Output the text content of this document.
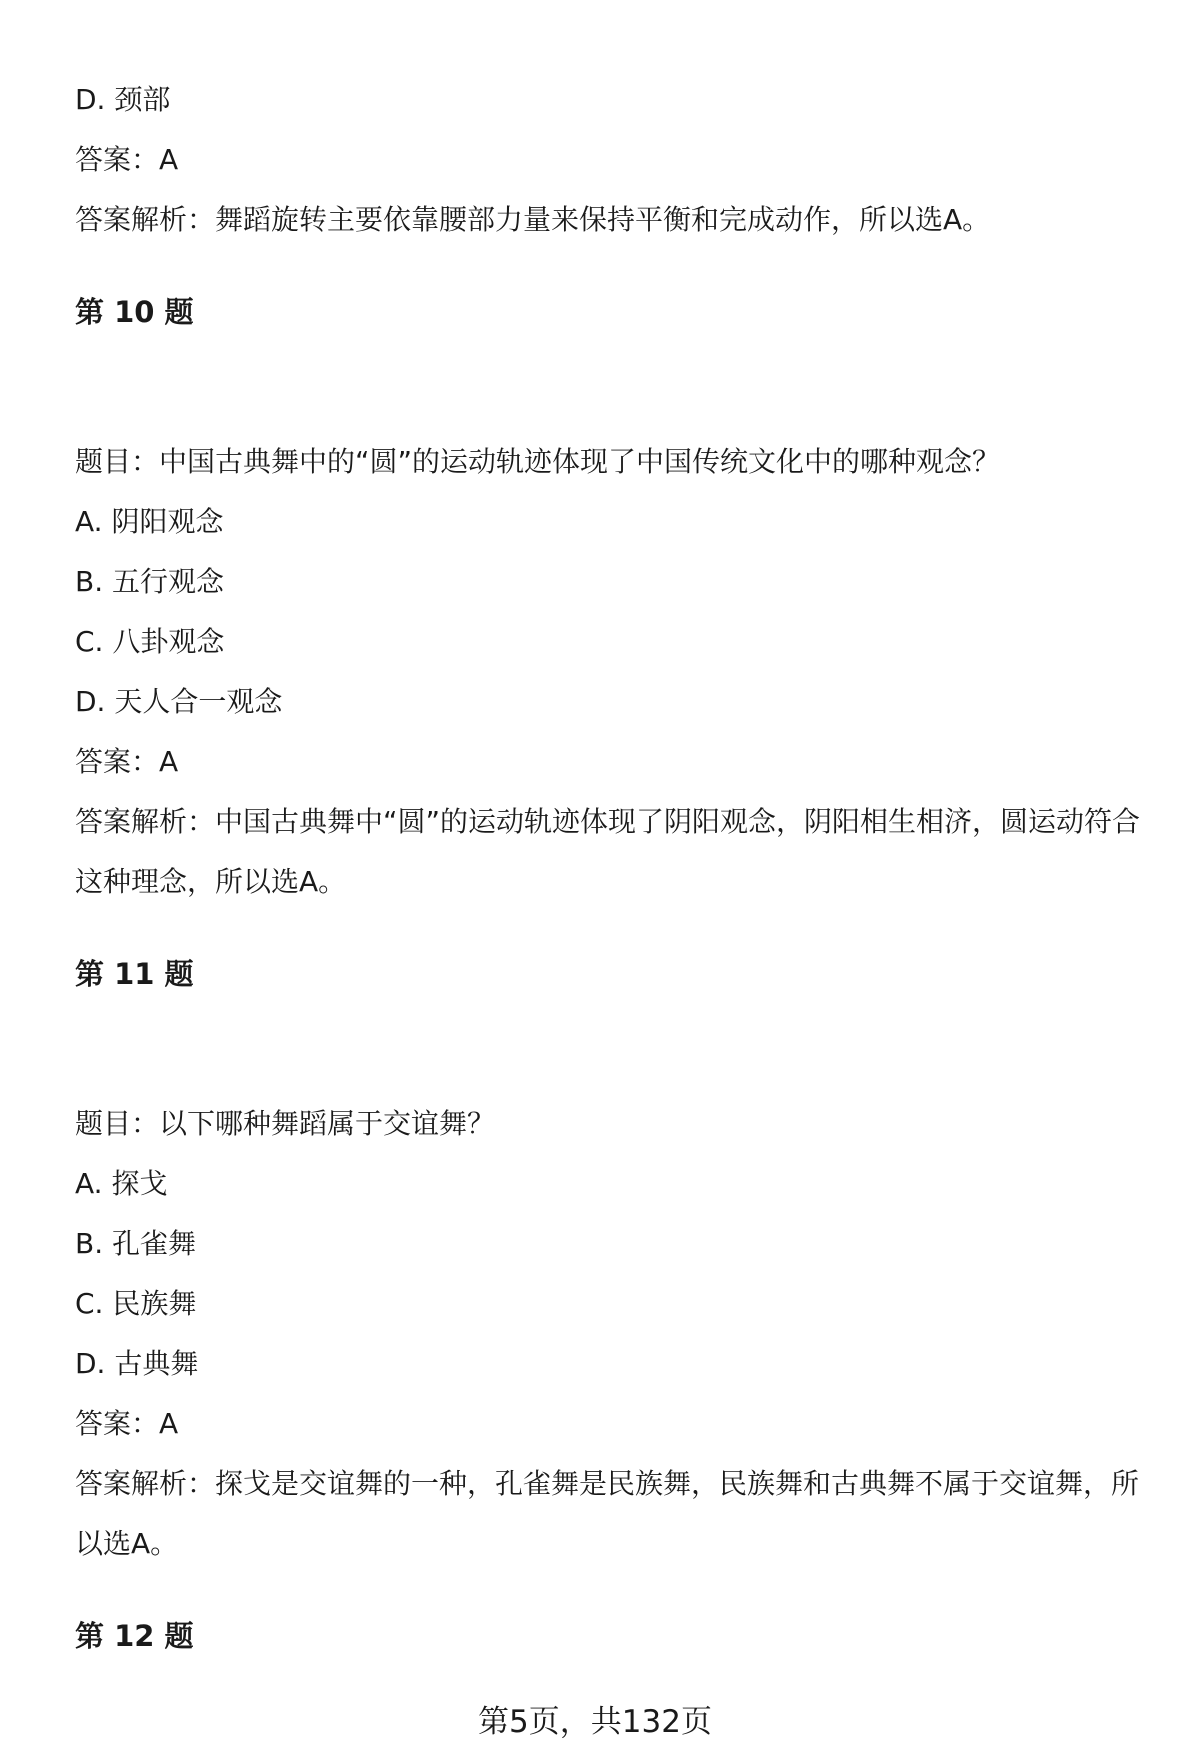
D. 颈部
答案：A
答案解析：舞蹈旋转主要依靠腰部力量来保持平衡和完成动作，所以选A。
第 10 题
题目：中国古典舞中的“圆”的运动轨迹体现了中国传统文化中的哪种观念？
A. 阴阳观念
B. 五行观念
C. 八卦观念
D. 天人合一观念
答案：A
答案解析：中国古典舞中“圆”的运动轨迹体现了阴阳观念，阴阳相生相济，圆运动符合这种理念，所以选A。
第 11 题
题目：以下哪种舞蹈属于交谊舞？
A. 探戈
B. 孔雀舞
C. 民族舞
D. 古典舞
答案：A
答案解析：探戈是交谊舞的一种，孔雀舞是民族舞，民族舞和古典舞不属于交谊舞，所以选A。
第 12 题
第5页，共132页
